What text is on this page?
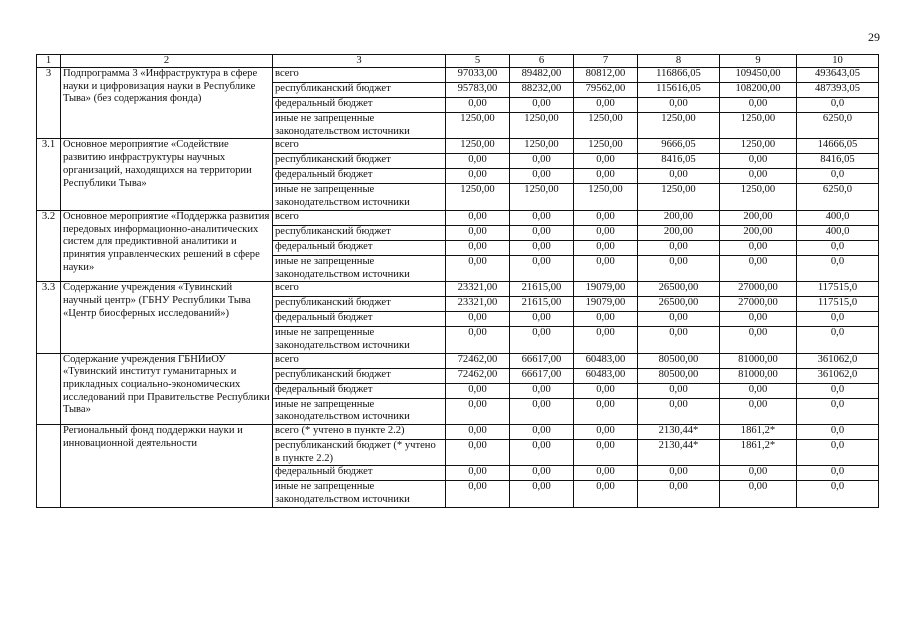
29
1	2	3	5	6	7	8	9	10
3	Подпрограмма 3 «Инфраструктура в сфере науки и цифровизация науки в Республике Тыва» (без содержания фонда)	всего	97033,00	89482,00	80812,00	116866,05	109450,00	493643,05
		республиканский бюджет	95783,00	88232,00	79562,00	115616,05	108200,00	487393,05
		федеральный бюджет	0,00	0,00	0,00	0,00	0,00	0,0
		иные не запрещенные законодательством источники	1250,00	1250,00	1250,00	1250,00	1250,00	6250,0
3.1	Основное мероприятие «Содействие развитию инфраструктуры научных организаций, находящихся на территории Республики Тыва»	всего	1250,00	1250,00	1250,00	9666,05	1250,00	14666,05
		республиканский бюджет	0,00	0,00	0,00	8416,05	0,00	8416,05
		федеральный бюджет	0,00	0,00	0,00	0,00	0,00	0,0
		иные не запрещенные законодательством источники	1250,00	1250,00	1250,00	1250,00	1250,00	6250,0
3.2	Основное мероприятие «Поддержка развития передовых информационно-аналитических систем для предиктивной аналитики и принятия управленческих решений в сфере науки»	всего	0,00	0,00	0,00	200,00	200,00	400,0
		республиканский бюджет	0,00	0,00	0,00	200,00	200,00	400,0
		федеральный бюджет	0,00	0,00	0,00	0,00	0,00	0,0
		иные не запрещенные законодательством источники	0,00	0,00	0,00	0,00	0,00	0,0
3.3	Содержание учреждения «Тувинский научный центр» (ГБНУ Республики Тыва «Центр биосферных исследований»)	всего	23321,00	21615,00	19079,00	26500,00	27000,00	117515,0
		республиканский бюджет	23321,00	21615,00	19079,00	26500,00	27000,00	117515,0
		федеральный бюджет	0,00	0,00	0,00	0,00	0,00	0,0
		иные не запрещенные законодательством источники	0,00	0,00	0,00	0,00	0,00	0,0
	Содержание учреждения ГБНИиОУ «Тувинский институт гуманитарных и прикладных социально-экономических исследований при Правительстве Республики Тыва»	всего	72462,00	66617,00	60483,00	80500,00	81000,00	361062,0
		республиканский бюджет	72462,00	66617,00	60483,00	80500,00	81000,00	361062,0
		федеральный бюджет	0,00	0,00	0,00	0,00	0,00	0,0
		иные не запрещенные законодательством источники	0,00	0,00	0,00	0,00	0,00	0,0
	Региональный фонд поддержки науки и инновационной деятельности	всего (* учтено в пункте 2.2)	0,00	0,00	0,00	2130,44*	1861,2*	0,0
		республиканский бюджет (* учтено в пункте 2.2)	0,00	0,00	0,00	2130,44*	1861,2*	0,0
		федеральный бюджет	0,00	0,00	0,00	0,00	0,00	0,0
		иные не запрещенные законодательством источники	0,00	0,00	0,00	0,00	0,00	0,0
